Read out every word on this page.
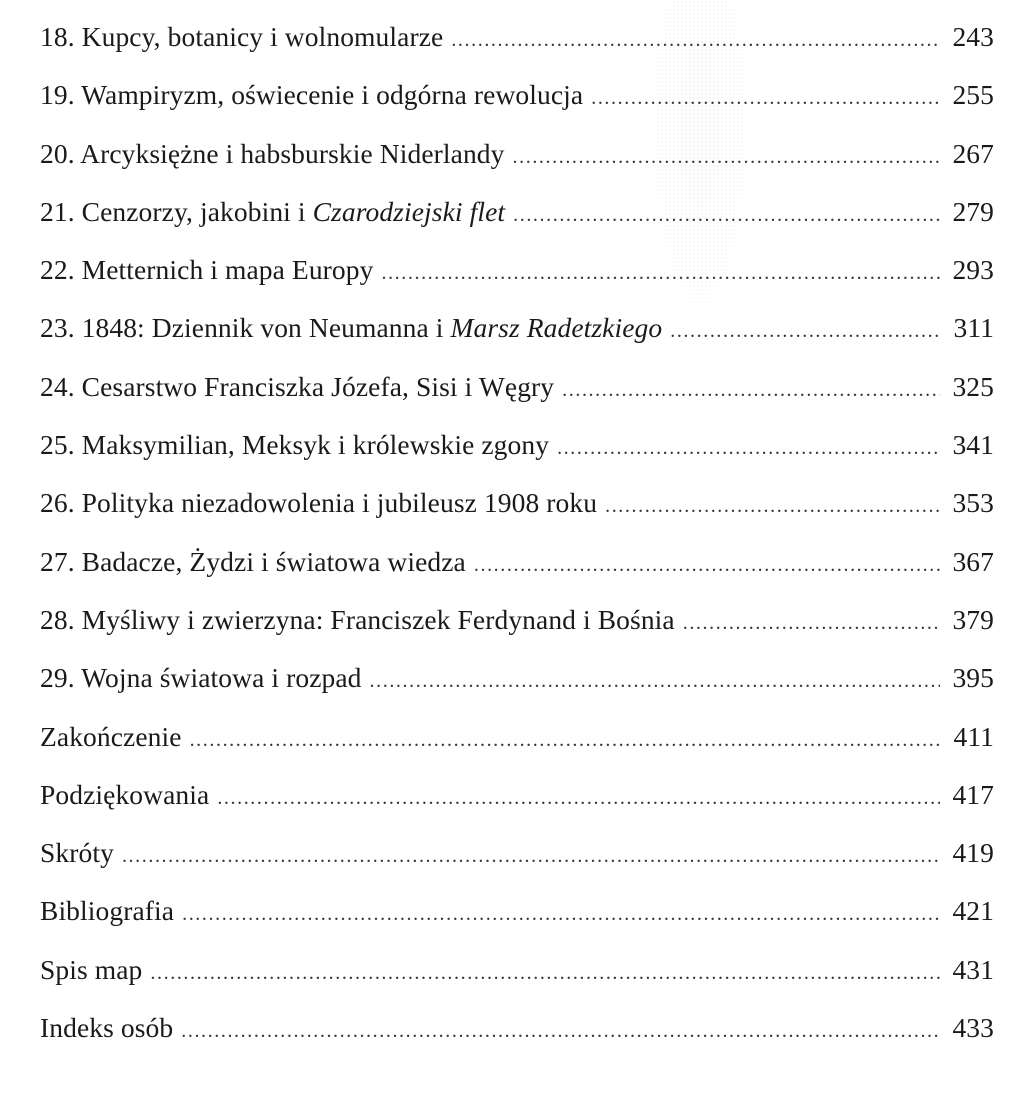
18. Kupcy, botanicy i wolnomularze .....	243
19. Wampiryzm, oświecenie i odgórna rewolucja .....	255
20. Arcyksiężne i habsburskie Niderlandy .....	267
21. Cenzorzy, jakobini i Czarodziejski flet .....	279
22. Metternich i mapa Europy .....	293
23. 1848: Dziennik von Neumanna i Marsz Radetzkiego .....	311
24. Cesarstwo Franciszka Józefa, Sisi i Węgry .....	325
25. Maksymilian, Meksyk i królewskie zgony .....	341
26. Polityka niezadowolenia i jubileusz 1908 roku .....	353
27. Badacze, Żydzi i światowa wiedza .....	367
28. Myśliwy i zwierzyna: Franciszek Ferdynand i Bośnia .....	379
29. Wojna światowa i rozpad .....	395
Zakończenie .....	411
Podziękowania .....	417
Skróty .....	419
Bibliografia .....	421
Spis map .....	431
Indeks osób .....	433
